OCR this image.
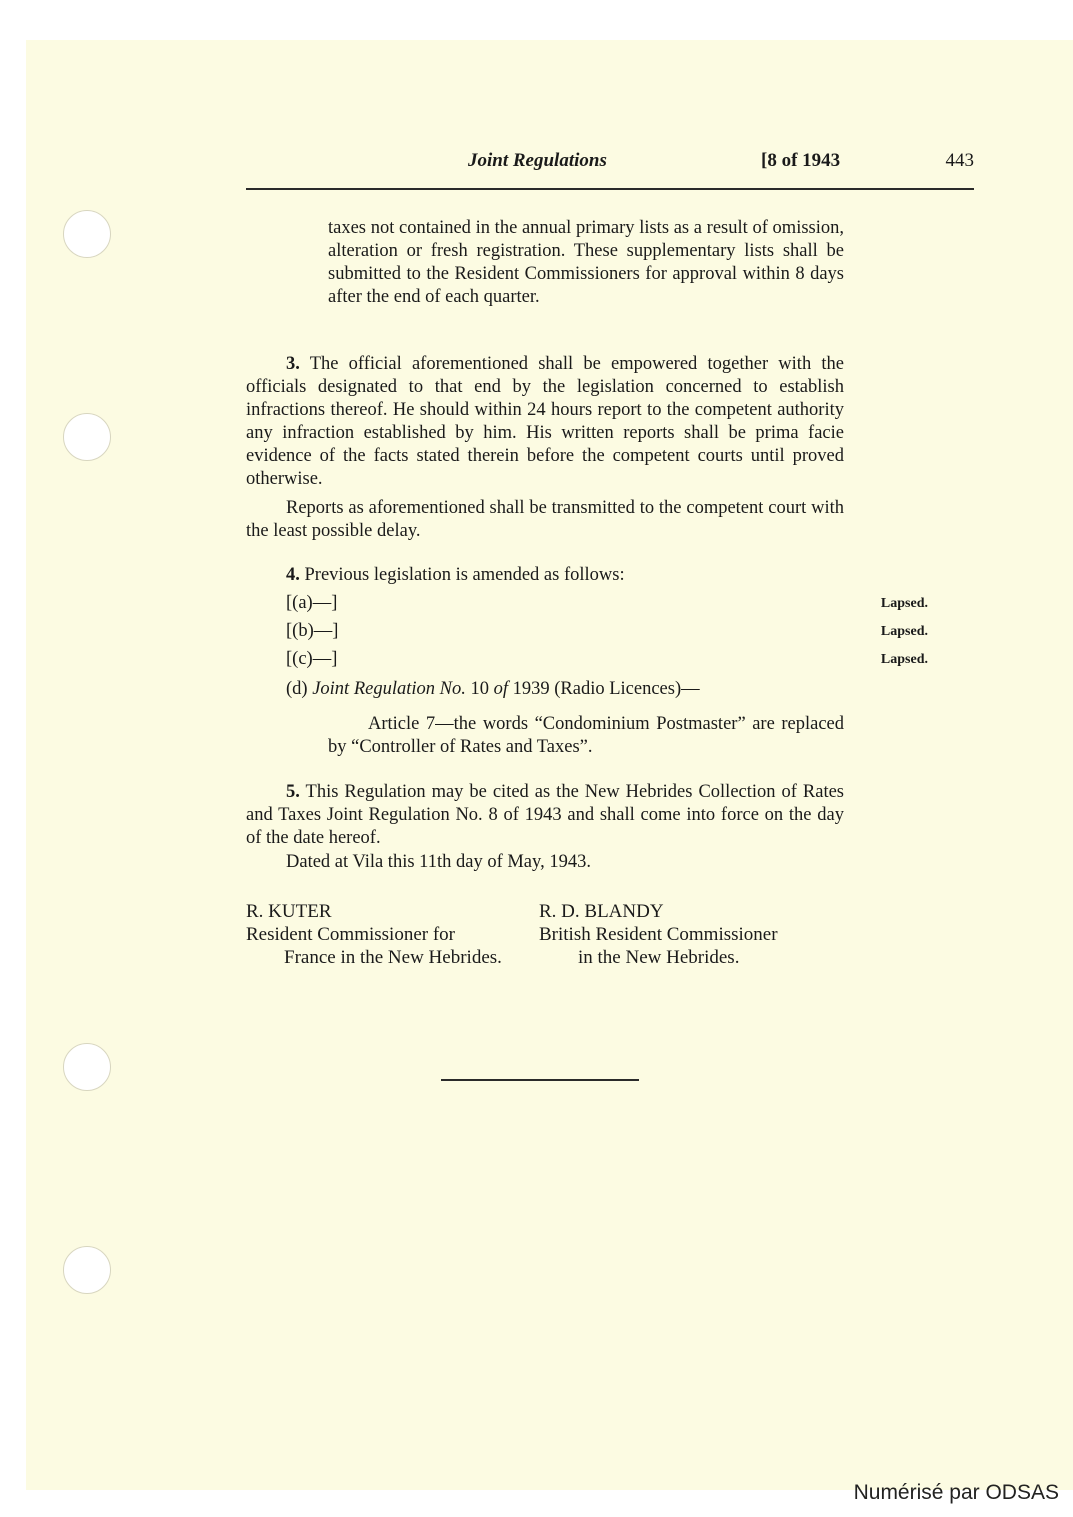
Joint Regulations	[8 of 1943	443

taxes not contained in the annual primary lists as a result of omission, alteration or fresh registration. These supplementary lists shall be submitted to the Resident Commissioners for approval within 8 days after the end of each quarter.

3. The official aforementioned shall be empowered together with the officials designated to that end by the legislation concerned to establish infractions thereof. He should within 24 hours report to the competent authority any infraction established by him. His written reports shall be prima facie evidence of the facts stated therein before the competent courts until proved otherwise.

Reports as aforementioned shall be transmitted to the competent court with the least possible delay.

4. Previous legislation is amended as follows:

[(a)—]	Lapsed.
[(b)—]	Lapsed.
[(c)—]	Lapsed.
(d) Joint Regulation No. 10 of 1939 (Radio Licences)—

Article 7—the words “Condominium Postmaster” are replaced by “Controller of Rates and Taxes”.

5. This Regulation may be cited as the New Hebrides Collection of Rates and Taxes Joint Regulation No. 8 of 1943 and shall come into force on the day of the date hereof.

Dated at Vila this 11th day of May, 1943.

R. KUTER
Resident Commissioner for
France in the New Hebrides.
R. D. BLANDY
British Resident Commissioner
in the New Hebrides.
Numérisé par ODSAS
